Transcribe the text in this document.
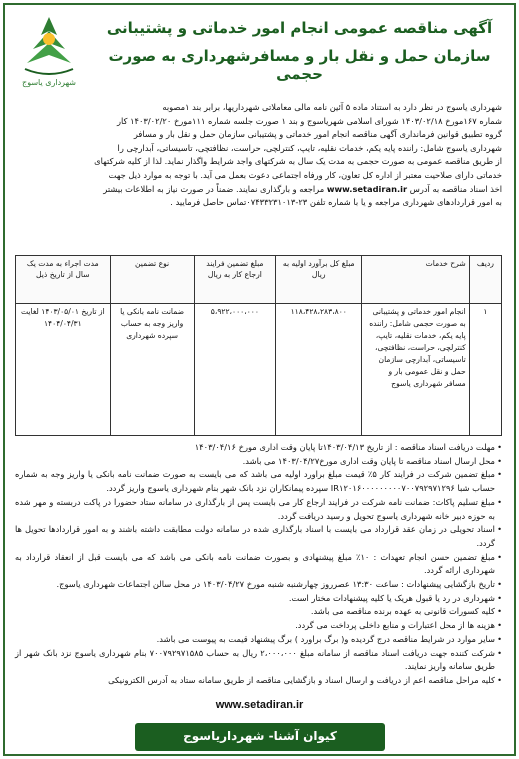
شهرداری یاسوج
آگهی مناقصه عمومی انجام امور خدماتی و پشتیبانی
سازمان حمل و نقل بار و مسافرشهرداری به صورت حجمی

شهرداری یاسوج در نظر دارد به استناد ماده ۵ آئین نامه مالی معاملاتی شهرداریها، برابر بند ۱مصوبه

شماره ۱۶۷مورخ ۱۴۰۳/۰۲/۱۸ شورای اسلامی شهریاسوج و بند ۱ صورت جلسه شماره ۱۱۱مورخ ۱۴۰۳/۰۲/۲۰ کار

گروه تطبیق قوانین فرمانداری آگهی مناقصه انجام امور خدماتی و پشتیبانی سازمان حمل و نقل بار و مسافر

شهرداری یاسوج شامل: راننده پایه یکم، خدمات نقلیه، تایپ، کنترلچی، حراست، نظافتچی، تاسیساتی، آبدارچی را

از طریق مناقصه عمومی به صورت حجمی به مدت یک سال به شرکتهای واجد شرایط واگذار نماید. لذا از کلیه شرکتهای

خدماتی دارای صلاحیت معتبر از اداره کل تعاون، کار ورفاه اجتماعی دعوت بعمل می آید. با توجه به موارد ذیل جهت

اخذ اسناد مناقصه به آدرس www.setadiran.ir مراجعه و بارگذاری نمایند. ضمناً در صورت نیاز به اطلاعات بیشتر

به امور قراردادهای شهرداری مراجعه و یا با شماره تلفن ۲۳-۰۷۴۳۳۲۳۱۰۱۳تماس حاصل فرمایید .

ردیف	شرح خدمات	مبلغ کل برآورد اولیه به ریال	مبلغ تضمین فرایند ارجاع کار به ریال	نوع تضمین	مدت اجراء به مدت یک سال از تاریخ ذیل
۱	انجام امور خدماتی و پشتیبانی به صورت حجمی شامل: راننده پایه یکم، خدمات نقلیه، تایپ، کنترلچی، حراست، نظافتچی، تاسیساتی، آبدارچی سازمان حمل و نقل عمومی بار و مسافر شهرداری یاسوج	۱۱۸،۴۲۸،۲۸۳،۸۰۰	۵،۹۲۲،۰۰۰،۰۰۰	ضمانت نامه بانکی یا واریز وجه به حساب سپرده شهرداری	از تاریخ ۱۴۰۳/۰۵/۰۱ لغایت ۱۴۰۴/۰۴/۳۱
• مهلت دریافت اسناد مناقصه : از تاریخ ۱۴۰۳/۰۴/۱۳تا پایان وقت اداری مورخ ۱۴۰۳/۰۴/۱۶
• محل ارسال اسناد مناقصه تا پایان وقت اداری مورخ۱۴۰۳/۰۴/۲۷ می باشد.
• مبلغ تضمین شرکت در فرایند کار ۵٪ قیمت مبلغ براورد اولیه می باشد که می بایست به صورت ضمانت نامه بانکی یا واریز وجه به شماره حساب شبا IR۱۲۰۱۶۰۰۰۰۰۰۰۰۰۷۰۰۷۹۲۹۷۱۲۹۶ سپرده پیمانکاران نزد بانک شهر بنام شهرداری یاسوج واریز گردد.
• مبلغ تسلیم پاکات: ضمانت نامه شرکت در فرایند ارجاع کار می بایست پس از بارگذاری در سامانه ستاد حضورا در پاکت دربسته و مهر شده به حوزه دبیر خانه شهرداری یاسوج تحویل و رسید دریافت گردد.
• اسناد تحویلی در زمان عقد قرارداد می بایست با اسناد بارگذاری شده در سامانه دولت مطابقت داشته باشند و به امور قراردادها تحویل ها گردد.
• مبلغ تضمین حسن انجام تعهدات : ۱۰٪ مبلغ پیشنهادی و بصورت ضمانت نامه بانکی می باشد که می بایست قبل از انعقاد قرارداد به شهرداری ارائه گردد.
• تاریخ بازگشایی پیشنهادات : ساعت ۱۳:۳۰ عصرروز چهارشنبه شنبه مورخ ۱۴۰۳/۰۴/۲۷ در محل سالن اجتماعات شهرداری یاسوج.
• شهرداری در رد یا قبول هریک یا کلیه پیشنهادات مختار است.
• کلیه کسورات قانونی به عهده برنده مناقصه می باشد.
• هزینه ها از محل اعتبارات و منابع داخلی پرداخت می گردد.
• سایر موارد در شرایط مناقصه درج گردیده و( برگ براورد ) برگ پیشنهاد قیمت به پیوست می باشد.
• شرکت کننده جهت دریافت اسناد مناقصه از سامانه مبلغ ۲،۰۰۰،۰۰۰ ریال به حساب ۷۰۰۷۹۲۹۷۱۵۸۵ بنام شهرداری یاسوج نزد بانک شهر از طریق سامانه واریز نمایند.
• کلیه مراحل مناقصه اعم از دریافت و ارسال اسناد و بازگشایی مناقصه از طریق سامانه ستاد به آدرس الکترونیکی
www.setadiran.ir
کیوان آشنا- شهرداریاسوج
